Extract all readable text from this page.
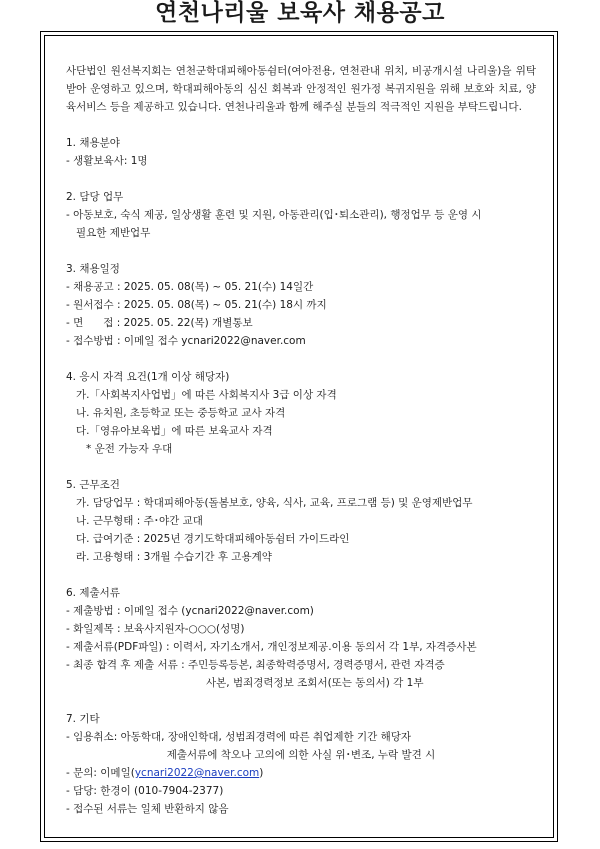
연천나리울 보육사 채용공고
사단법인 원선복지회는 연천군학대피해아동쉼터(여아전용, 연천관내 위치, 비공개시설 나리울)을 위탁받아 운영하고 있으며, 학대피해아동의 심신 회복과 안정적인 원가정 복귀지원을 위해 보호와 치료, 양육서비스 등을 제공하고 있습니다. 연천나리울과 함께 해주실 분들의 적극적인 지원을 부탁드립니다.
1. 채용분야
- 생활보육사: 1명
2. 담당 업무
- 아동보호, 숙식 제공, 일상생활 훈련 및 지원, 아동관리(입･퇴소관리), 행정업무 등 운영 시
필요한 제반업무
3. 채용일정
- 채용공고 : 2025. 05. 08(목) ~ 05. 21(수) 14일간
- 원서접수 : 2025. 05. 08(목) ~ 05. 21(수) 18시 까지
- 면      접 : 2025. 05. 22(목) 개별통보
- 접수방법 : 이메일 접수 ycnari2022@naver.com
4. 응시 자격 요건(1개 이상 해당자)
가.「사회복지사업법」에 따른 사회복지사 3급 이상 자격
나. 유치원, 초등학교 또는 중등학교 교사 자격
다.「영유아보육법」에 따른 보육교사 자격
* 운전 가능자 우대
5. 근무조건
가. 담당업무 : 학대피해아동(돌봄보호, 양육, 식사, 교육, 프로그램 등) 및 운영제반업무
나. 근무형태 : 주･야간 교대
다. 급여기준 : 2025년 경기도학대피해아동쉼터 가이드라인
라. 고용형태 : 3개월 수습기간 후 고용계약
6. 제출서류
- 제출방법 : 이메일 접수 (ycnari2022@naver.com)
- 화일제목 : 보육사지원자-○○○(성명)
- 제출서류(PDF파일) : 이력서, 자기소개서, 개인정보제공.이용 동의서 각 1부, 자격증사본
- 최종 합격 후 제출 서류 : 주민등록등본, 최종학력증명서, 경력증명서, 관련 자격증
사본, 범죄경력정보 조회서(또는 동의서) 각 1부
7. 기타
- 임용취소: 아동학대, 장애인학대, 성범죄경력에 따른 취업제한 기간 해당자
제출서류에 착오나 고의에 의한 사실 위･변조, 누락 발견 시
- 문의: 이메일(ycnari2022@naver.com)
- 담당: 한경이 (010-7904-2377)
- 접수된 서류는 일체 반환하지 않음
